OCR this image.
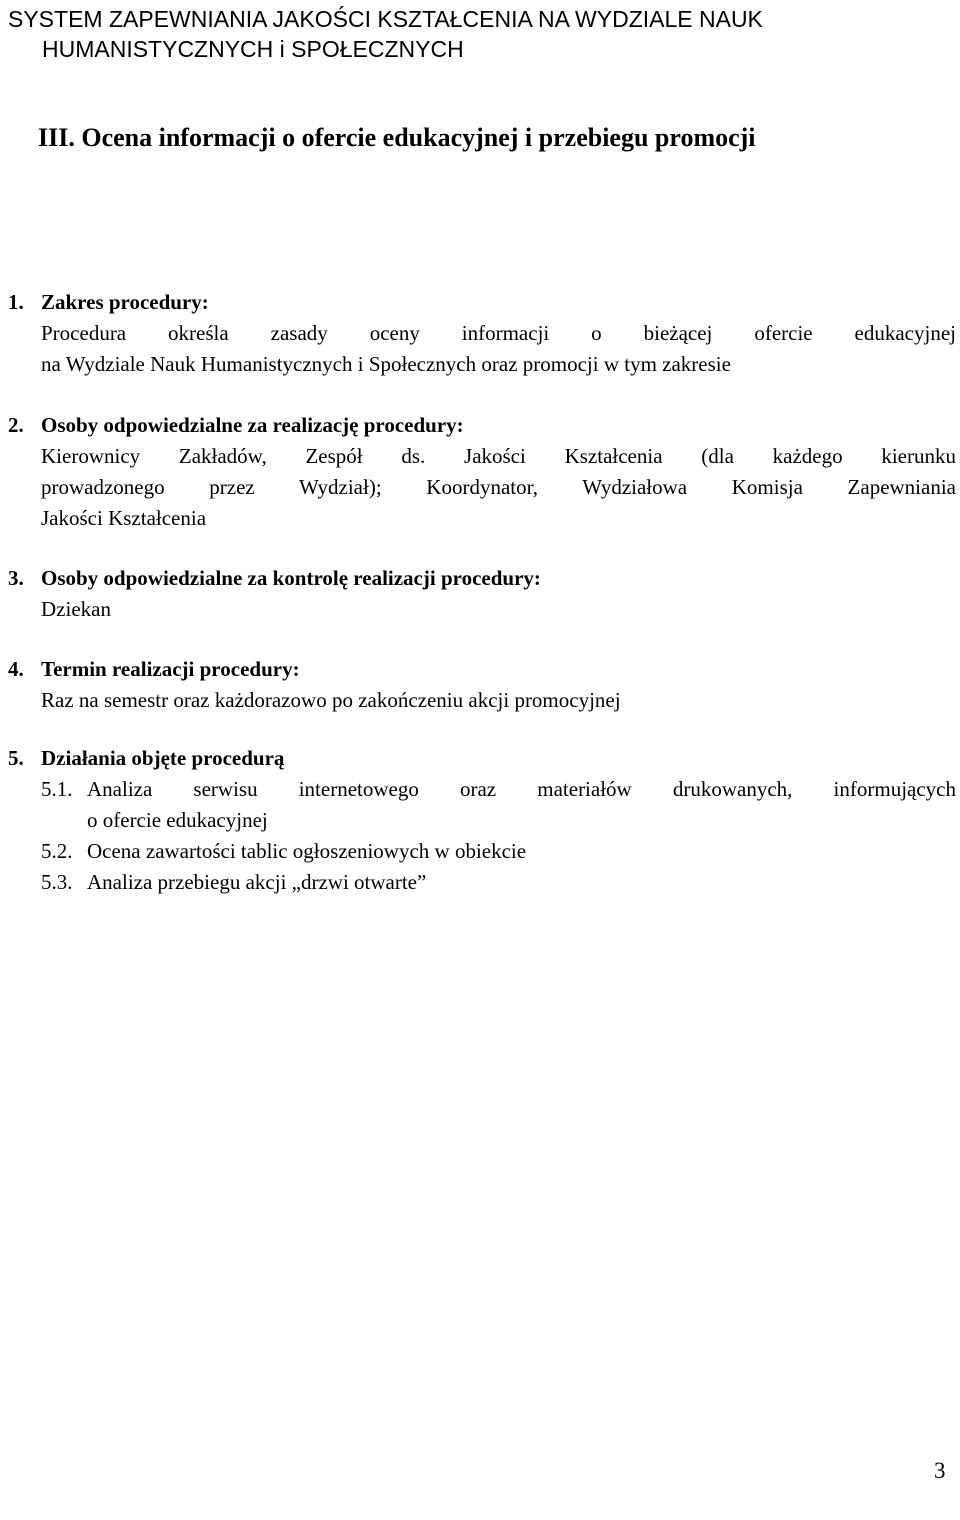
SYSTEM ZAPEWNIANIA JAKOŚCI KSZTAŁCENIA NA WYDZIALE NAUK
HUMANISTYCZNYCH i SPOŁECZNYCH
III. Ocena informacji o ofercie edukacyjnej i przebiegu promocji
1. Zakres procedury:
Procedura określa zasady oceny informacji o bieżącej ofercie edukacyjnej
na Wydziale Nauk Humanistycznych i Społecznych oraz promocji w tym zakresie
2. Osoby odpowiedzialne za realizację procedury:
Kierownicy Zakładów, Zespół ds. Jakości Kształcenia (dla każdego kierunku
prowadzonego przez Wydział); Koordynator, Wydziałowa Komisja Zapewniania
Jakości Kształcenia
3. Osoby odpowiedzialne za kontrolę realizacji procedury:
Dziekan
4. Termin realizacji procedury:
Raz na semestr oraz każdorazowo po zakończeniu akcji promocyjnej
5. Działania objęte procedurą
5.1. Analiza serwisu internetowego oraz materiałów drukowanych, informujących
o ofercie edukacyjnej
5.2. Ocena zawartości tablic ogłoszeniowych w obiekcie
5.3. Analiza przebiegu akcji „drzwi otwarte”
3
